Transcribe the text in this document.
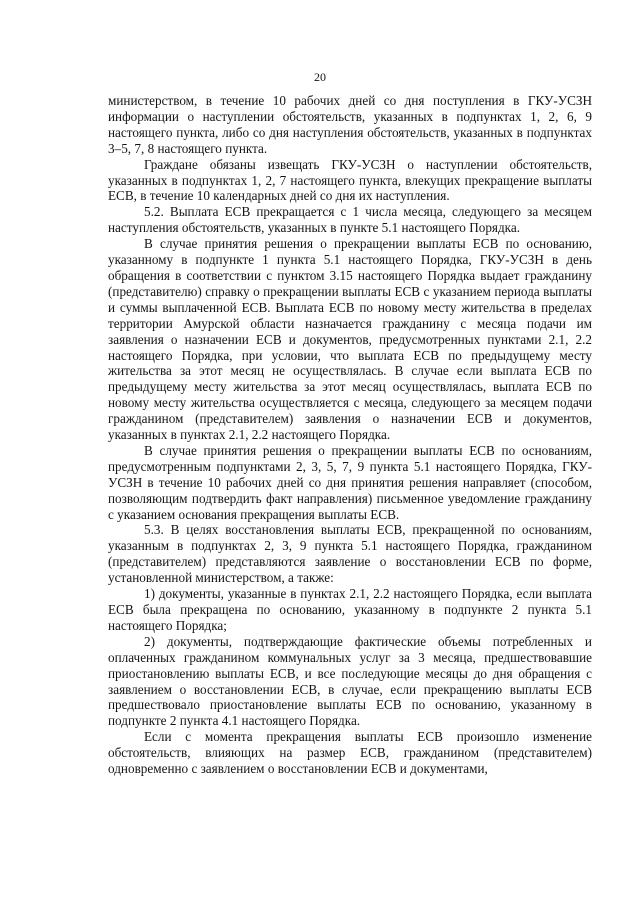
20

министерством, в течение 10 рабочих дней со дня поступления в ГКУ-УСЗН информации о наступлении обстоятельств, указанных в подпунктах 1, 2, 6, 9 настоящего пункта, либо со дня наступления обстоятельств, указанных в подпунктах 3–5, 7, 8 настоящего пункта.

Граждане обязаны извещать ГКУ-УСЗН о наступлении обстоятельств, указанных в подпунктах 1, 2, 7 настоящего пункта, влекущих прекращение выплаты ЕСВ, в течение 10 календарных дней со дня их наступления.

5.2. Выплата ЕСВ прекращается с 1 числа месяца, следующего за месяцем наступления обстоятельств, указанных в пункте 5.1 настоящего Порядка.

В случае принятия решения о прекращении выплаты ЕСВ по основанию, указанному в подпункте 1 пункта 5.1 настоящего Порядка, ГКУ-УСЗН в день обращения в соответствии с пунктом 3.15 настоящего Порядка выдает гражданину (представителю) справку о прекращении выплаты ЕСВ с указанием периода выплаты и суммы выплаченной ЕСВ. Выплата ЕСВ по новому месту жительства в пределах территории Амурской области назначается гражданину с месяца подачи им заявления о назначении ЕСВ и документов, предусмотренных пунктами 2.1, 2.2 настоящего Порядка, при условии, что выплата ЕСВ по предыдущему месту жительства за этот месяц не осуществлялась. В случае если выплата ЕСВ по предыдущему месту жительства за этот месяц осуществлялась, выплата ЕСВ по новому месту жительства осуществляется с месяца, следующего за месяцем подачи гражданином (представителем) заявления о назначении ЕСВ и документов, указанных в пунктах 2.1, 2.2 настоящего Порядка.

В случае принятия решения о прекращении выплаты ЕСВ по основаниям, предусмотренным подпунктами 2, 3, 5, 7, 9 пункта 5.1 настоящего Порядка, ГКУ-УСЗН в течение 10 рабочих дней со дня принятия решения направляет (способом, позволяющим подтвердить факт направления) письменное уведомление гражданину с указанием основания прекращения выплаты ЕСВ.

5.3. В целях восстановления выплаты ЕСВ, прекращенной по основаниям, указанным в подпунктах 2, 3, 9 пункта 5.1 настоящего Порядка, гражданином (представителем) представляются заявление о восстановлении ЕСВ по форме, установленной министерством, а также:

1) документы, указанные в пунктах 2.1, 2.2 настоящего Порядка, если выплата ЕСВ была прекращена по основанию, указанному в подпункте 2 пункта 5.1 настоящего Порядка;

2) документы, подтверждающие фактические объемы потребленных и оплаченных гражданином коммунальных услуг за 3 месяца, предшествовавшие приостановлению выплаты ЕСВ, и все последующие месяцы до дня обращения с заявлением о восстановлении ЕСВ, в случае, если прекращению выплаты ЕСВ предшествовало приостановление выплаты ЕСВ по основанию, указанному в подпункте 2 пункта 4.1 настоящего Порядка.

Если с момента прекращения выплаты ЕСВ произошло изменение обстоятельств, влияющих на размер ЕСВ, гражданином (представителем) одновременно с заявлением о восстановлении ЕСВ и документами,
